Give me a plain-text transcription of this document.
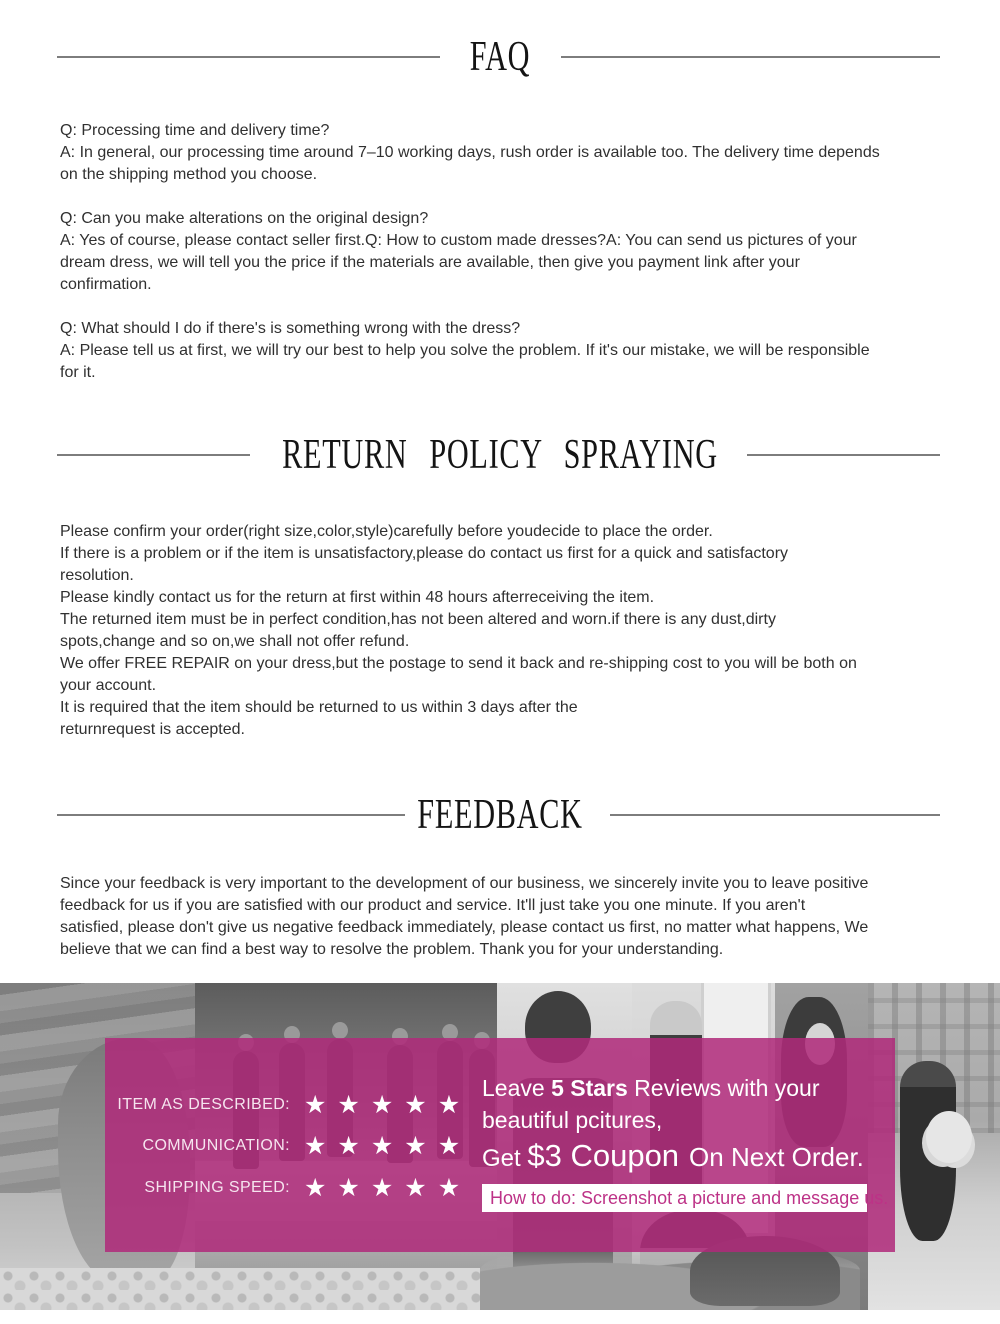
FAQ
Q: Processing time and delivery time?
A: In general, our processing time around 7–10 working days, rush order is available too. The delivery time depends
on the shipping method you choose.
Q: Can you make alterations on the original design?
A: Yes of course, please contact seller first.Q: How to custom made dresses?A: You can send us pictures of your
dream dress, we will tell you the price if the materials are available, then give you payment link after your
confirmation.
Q: What should I do if there's is something wrong with the dress?
A: Please tell us at first, we will try our best to help you solve the problem. If it's our mistake, we will be responsible
for it.
RETURN POLICY SPRAYING
Please confirm your order(right size,color,style)carefully before youdecide to place the order.
If there is a problem or if the item is unsatisfactory,please do contact us first for a quick and satisfactory
resolution.
Please kindly contact us for the return at first within 48 hours afterreceiving the item.
The returned item must be in perfect condition,has not been altered and worn.if there is any dust,dirty
spots,change and so on,we shall not offer refund.
We offer FREE REPAIR on your dress,but the postage to send it back and re-shipping cost to you will be both on
your account.
It is required that the item should be returned to us within 3 days after the
returnrequest is accepted.
FEEDBACK
Since your feedback is very important to the development of our business, we sincerely invite you to leave positive
feedback for us if you are satisfied with our product and service. It'll just take you one minute. If you aren't
satisfied, please don't give us negative feedback immediately, please contact us first, no matter what happens, We
believe that we can find a best way to resolve the problem. Thank you for your understanding.
ITEM AS DESCRIBED: ★★★★★
COMMUNICATION: ★★★★★
SHIPPING SPEED: ★★★★★
Leave 5 Stars Reviews with your
beautiful pcitures,
Get $3 Coupon On Next Order.
How to do: Screenshot a picture and message us.
